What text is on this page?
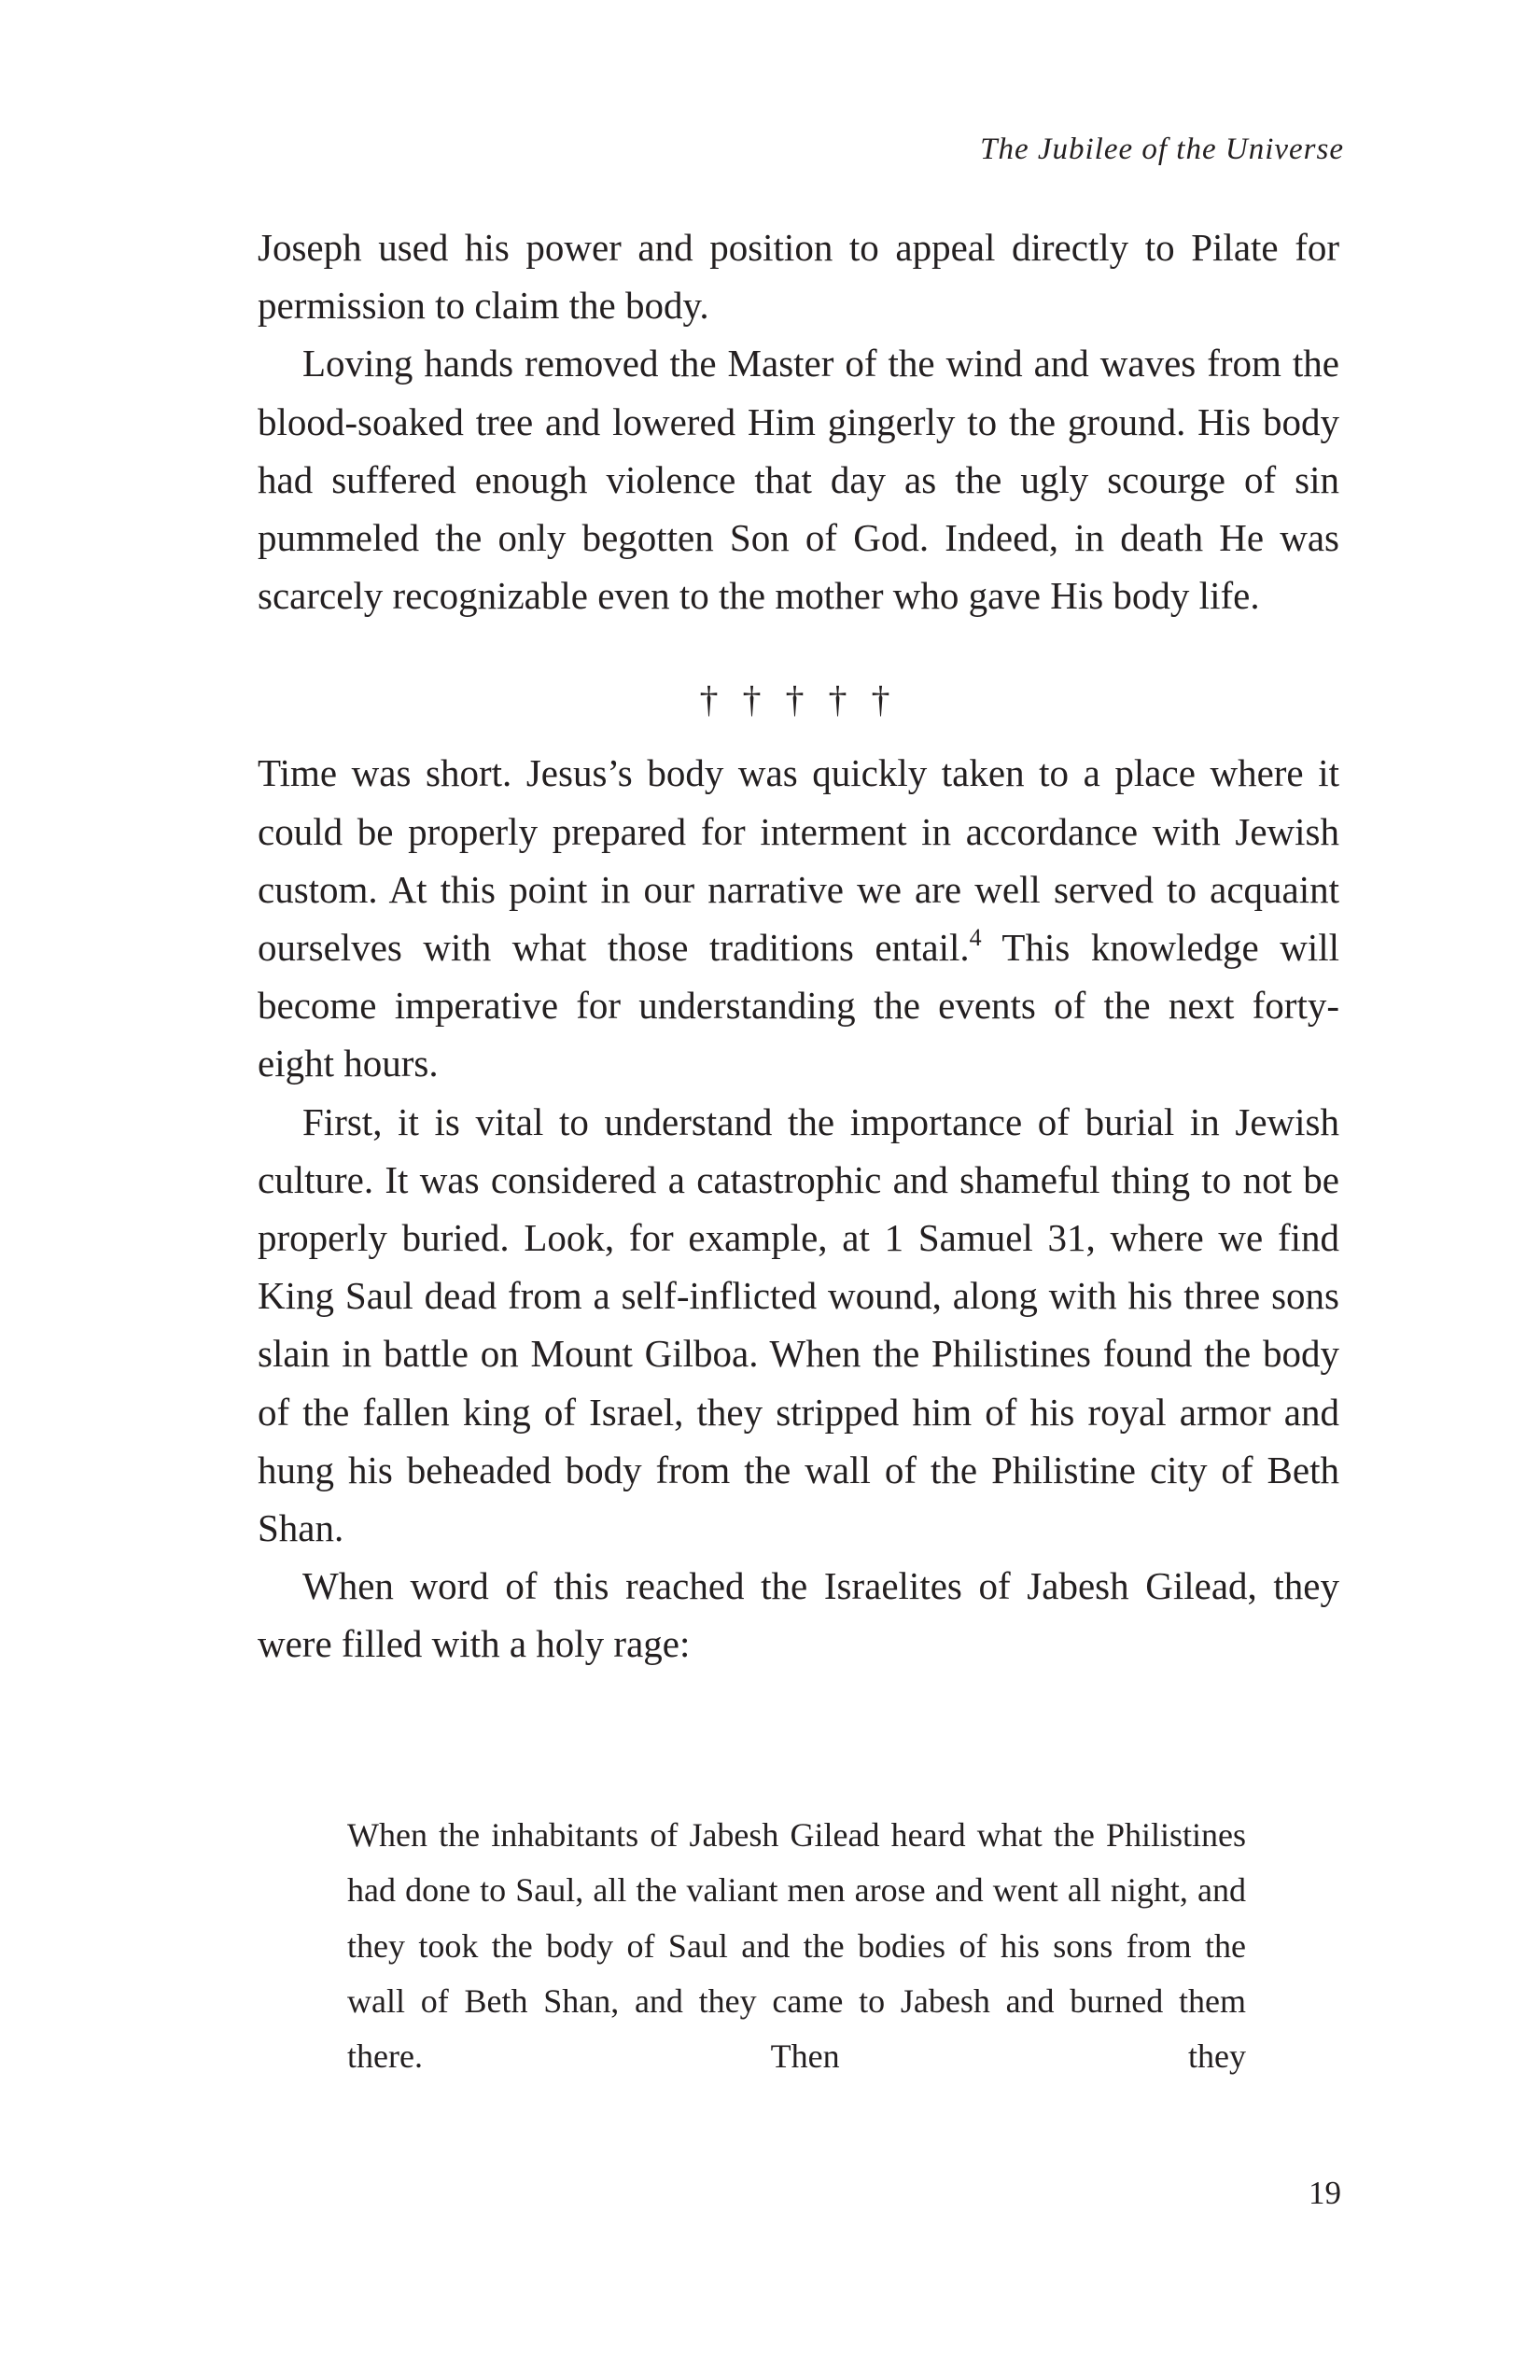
The Jubilee of the Universe

Joseph used his power and position to appeal directly to Pilate for permission to claim the body.

Loving hands removed the Master of the wind and waves from the blood-soaked tree and lowered Him gingerly to the ground. His body had suffered enough violence that day as the ugly scourge of sin pummeled the only begotten Son of God. Indeed, in death He was scarcely recognizable even to the mother who gave His body life.

† † † † †

Time was short. Jesus’s body was quickly taken to a place where it could be properly prepared for interment in accordance with Jewish custom. At this point in our narrative we are well served to acquaint ourselves with what those traditions entail.$^4$ This knowledge will become imperative for understanding the events of the next forty-eight hours.

First, it is vital to understand the importance of burial in Jewish culture. It was considered a catastrophic and shameful thing to not be properly buried. Look, for example, at 1 Samuel 31, where we find King Saul dead from a self-inflicted wound, along with his three sons slain in battle on Mount Gilboa. When the Philistines found the body of the fallen king of Israel, they stripped him of his royal armor and hung his beheaded body from the wall of the Philistine city of Beth Shan.

When word of this reached the Israelites of Jabesh Gilead, they were filled with a holy rage:

When the inhabitants of Jabesh Gilead heard what the Philistines had done to Saul, all the valiant men arose and went all night, and they took the body of Saul and the bodies of his sons from the wall of Beth Shan, and they came to Jabesh and burned them there. Then they

19
